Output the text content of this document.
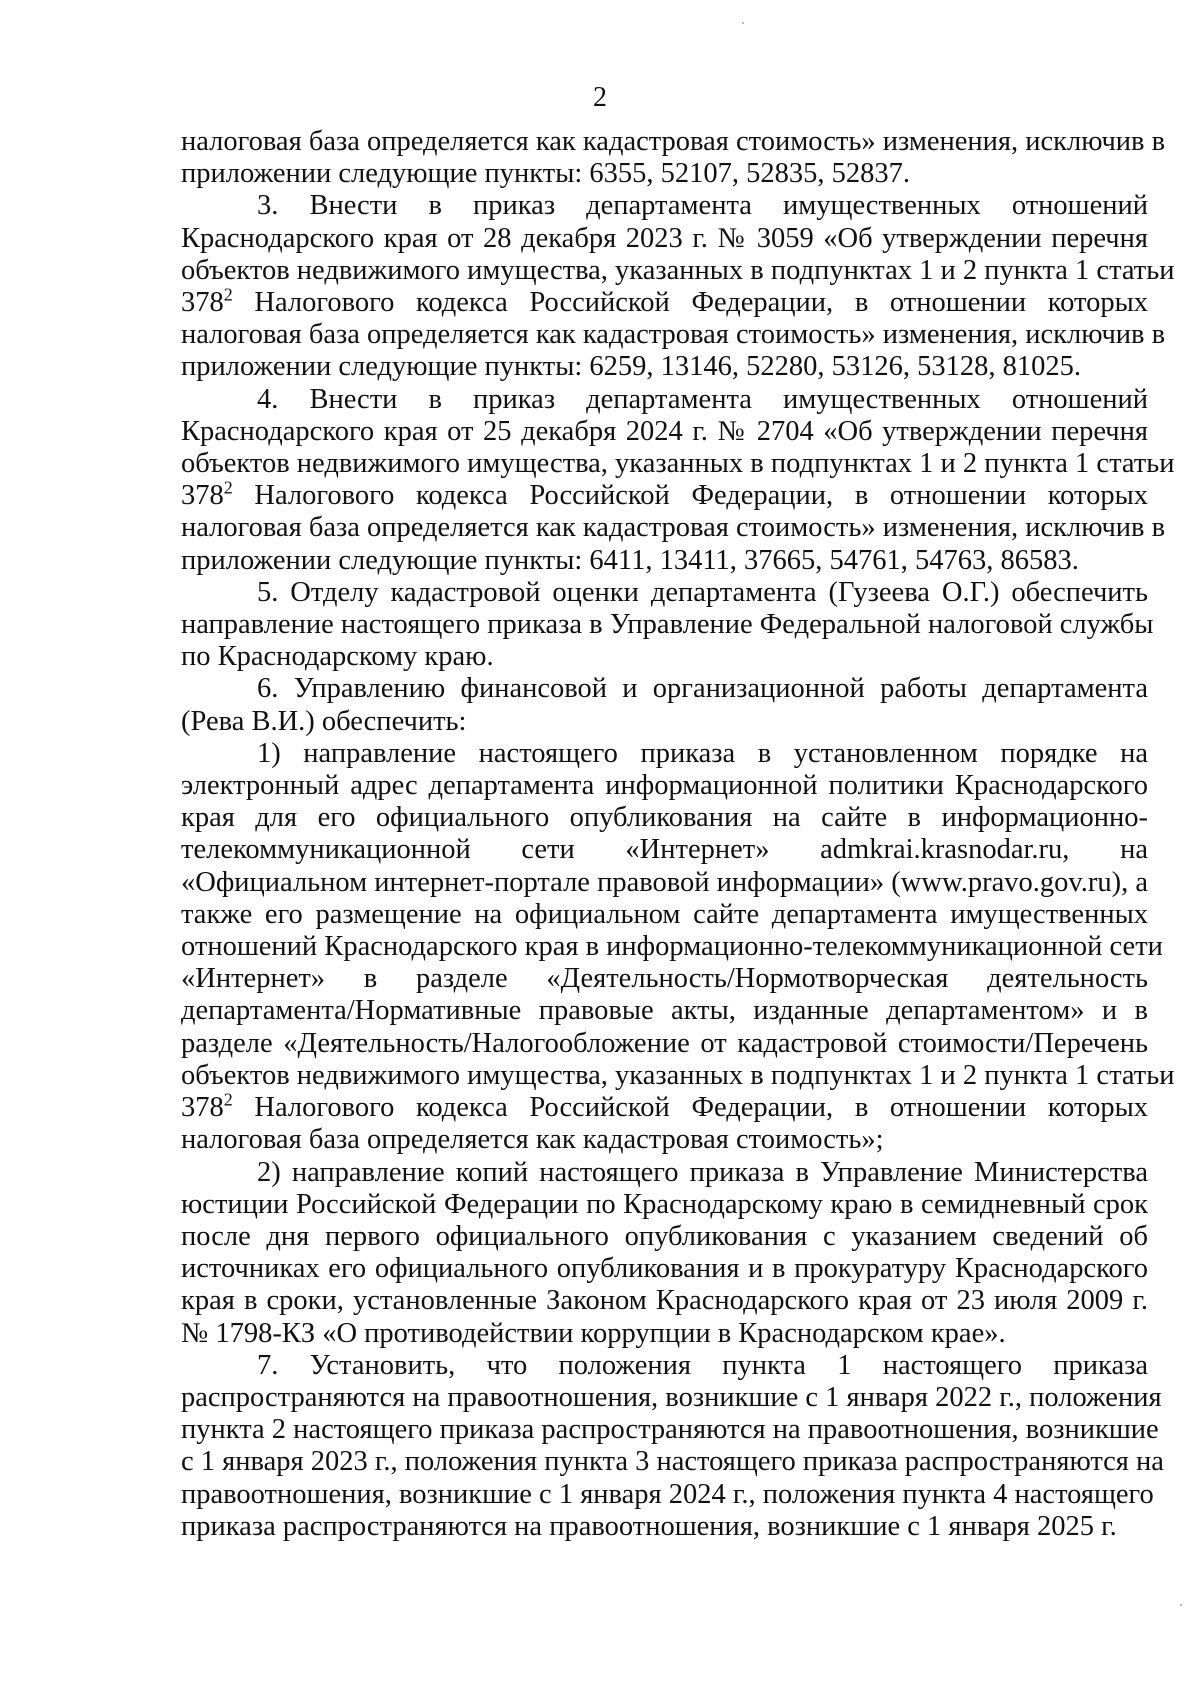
2
налоговая база определяется как кадастровая стоимость» изменения, исключив в
приложении следующие пункты: 6355, 52107, 52835, 52837.
3. Внести в приказ департамента имущественных отношений
Краснодарского края от 28 декабря 2023 г. № 3059 «Об утверждении перечня
объектов недвижимого имущества, указанных в подпунктах 1 и 2 пункта 1 статьи
$378^2$ Налогового кодекса Российской Федерации, в отношении которых
налоговая база определяется как кадастровая стоимость» изменения, исключив в
приложении следующие пункты: 6259, 13146, 52280, 53126, 53128, 81025.
4. Внести в приказ департамента имущественных отношений
Краснодарского края от 25 декабря 2024 г. № 2704 «Об утверждении перечня
объектов недвижимого имущества, указанных в подпунктах 1 и 2 пункта 1 статьи
$378^2$ Налогового кодекса Российской Федерации, в отношении которых
налоговая база определяется как кадастровая стоимость» изменения, исключив в
приложении следующие пункты: 6411, 13411, 37665, 54761, 54763, 86583.
5. Отделу кадастровой оценки департамента (Гузеева О.Г.) обеспечить
направление настоящего приказа в Управление Федеральной налоговой службы
по Краснодарскому краю.
6. Управлению финансовой и организационной работы департамента
(Рева В.И.) обеспечить:
1) направление настоящего приказа в установленном порядке на
электронный адрес департамента информационной политики Краснодарского
края для его официального опубликования на сайте в информационно-
телекоммуникационной сети «Интернет» admkrai.krasnodar.ru, на
«Официальном интернет-портале правовой информации» (www.pravo.gov.ru), а
также его размещение на официальном сайте департамента имущественных
отношений Краснодарского края в информационно-телекоммуникационной сети
«Интернет» в разделе «Деятельность/Нормотворческая деятельность
департамента/Нормативные правовые акты, изданные департаментом» и в
разделе «Деятельность/Налогообложение от кадастровой стоимости/Перечень
объектов недвижимого имущества, указанных в подпунктах 1 и 2 пункта 1 статьи
$378^2$ Налогового кодекса Российской Федерации, в отношении которых
налоговая база определяется как кадастровая стоимость»;
2) направление копий настоящего приказа в Управление Министерства
юстиции Российской Федерации по Краснодарскому краю в семидневный срок
после дня первого официального опубликования с указанием сведений об
источниках его официального опубликования и в прокуратуру Краснодарского
края в сроки, установленные Законом Краснодарского края от 23 июля 2009 г.
№ 1798-КЗ «О противодействии коррупции в Краснодарском крае».
7. Установить, что положения пункта 1 настоящего приказа
распространяются на правоотношения, возникшие с 1 января 2022 г., положения
пункта 2 настоящего приказа распространяются на правоотношения, возникшие
с 1 января 2023 г., положения пункта 3 настоящего приказа распространяются на
правоотношения, возникшие с 1 января 2024 г., положения пункта 4 настоящего
приказа распространяются на правоотношения, возникшие с 1 января 2025 г.
